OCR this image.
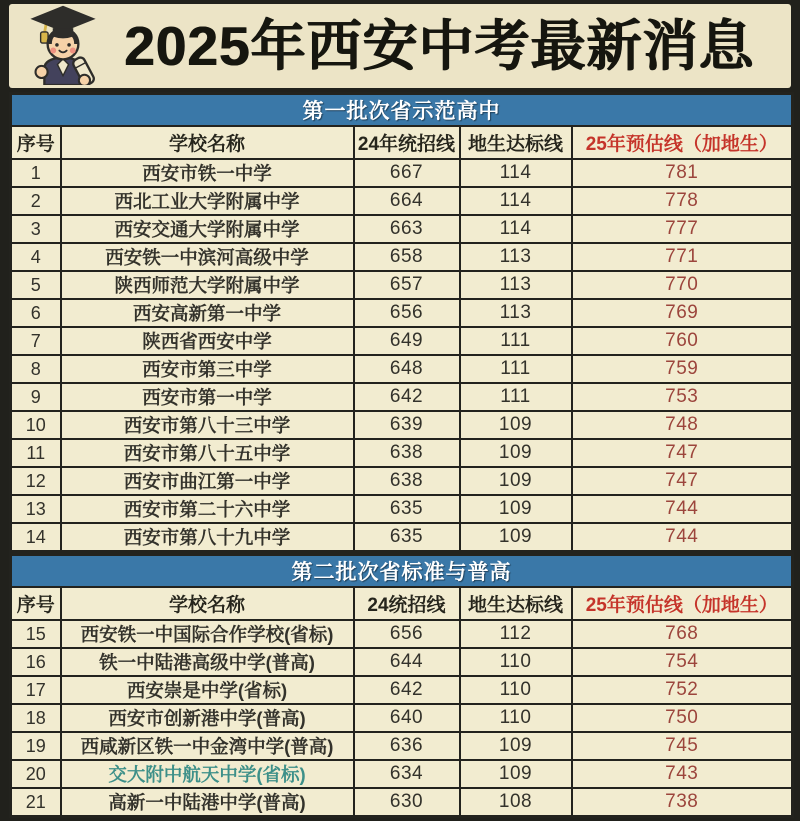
2025年西安中考最新消息
第一批次省示范高中				
序号	学校名称	24年统招线	地生达标线	25年预估线（加地生）
1	西安市铁一中学	667	114	781
2	西北工业大学附属中学	664	114	778
3	西安交通大学附属中学	663	114	777
4	西安铁一中滨河高级中学	658	113	771
5	陕西师范大学附属中学	657	113	770
6	西安高新第一中学	656	113	769
7	陕西省西安中学	649	111	760
8	西安市第三中学	648	111	759
9	西安市第一中学	642	111	753
10	西安市第八十三中学	639	109	748
11	西安市第八十五中学	638	109	747
12	西安市曲江第一中学	638	109	747
13	西安市第二十六中学	635	109	744
14	西安市第八十九中学	635	109	744
第二批次省标准与普高				
序号	学校名称	24统招线	地生达标线	25年预估线（加地生）
15	西安铁一中国际合作学校(省标)	656	112	768
16	铁一中陆港高级中学(普高)	644	110	754
17	西安崇是中学(省标)	642	110	752
18	西安市创新港中学(普高)	640	110	750
19	西咸新区铁一中金湾中学(普高)	636	109	745
20	交大附中航天中学(省标)	634	109	743
21	高新一中陆港中学(普高)	630	108	738
